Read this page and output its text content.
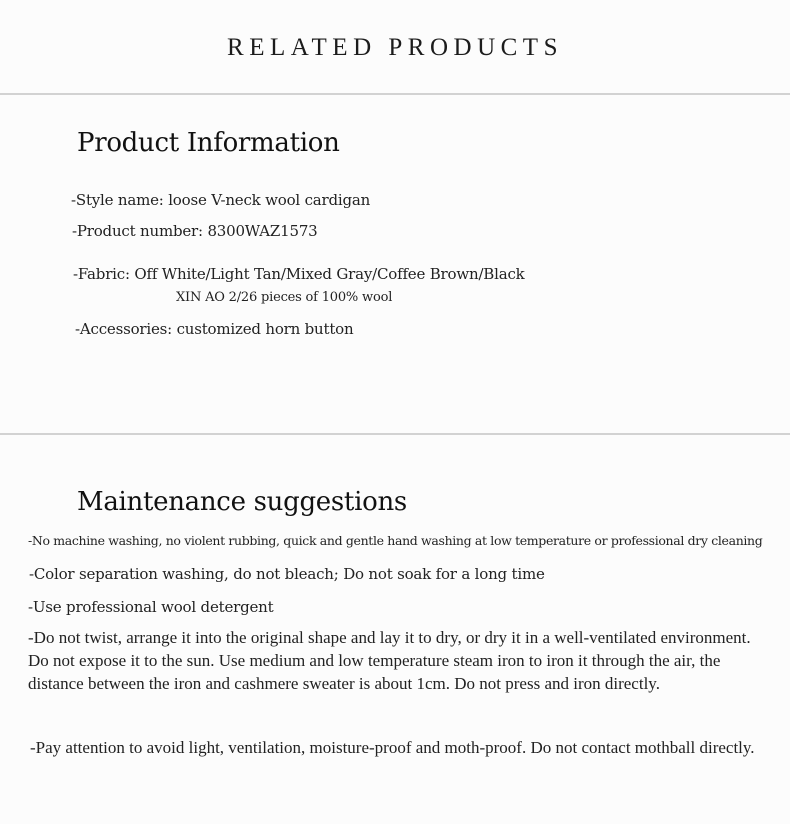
RELATED PRODUCTS
Product Information
-Style name: loose V-neck wool cardigan
-Product number: 8300WAZ1573
-Fabric: Off White/Light Tan/Mixed Gray/Coffee Brown/Black
XIN AO 2/26 pieces of 100% wool
-Accessories: customized horn button
Maintenance suggestions
-No machine washing, no violent rubbing, quick and gentle hand washing at low temperature or professional dry cleaning
-Color separation washing, do not bleach; Do not soak for a long time
-Use professional wool detergent
-Do not twist, arrange it into the original shape and lay it to dry, or dry it in a well-ventilated environment. Do not expose it to the sun. Use medium and low temperature steam iron to iron it through the air, the distance between the iron and cashmere sweater is about 1cm. Do not press and iron directly.
-Pay attention to avoid light, ventilation, moisture-proof and moth-proof. Do not contact mothball directly.
